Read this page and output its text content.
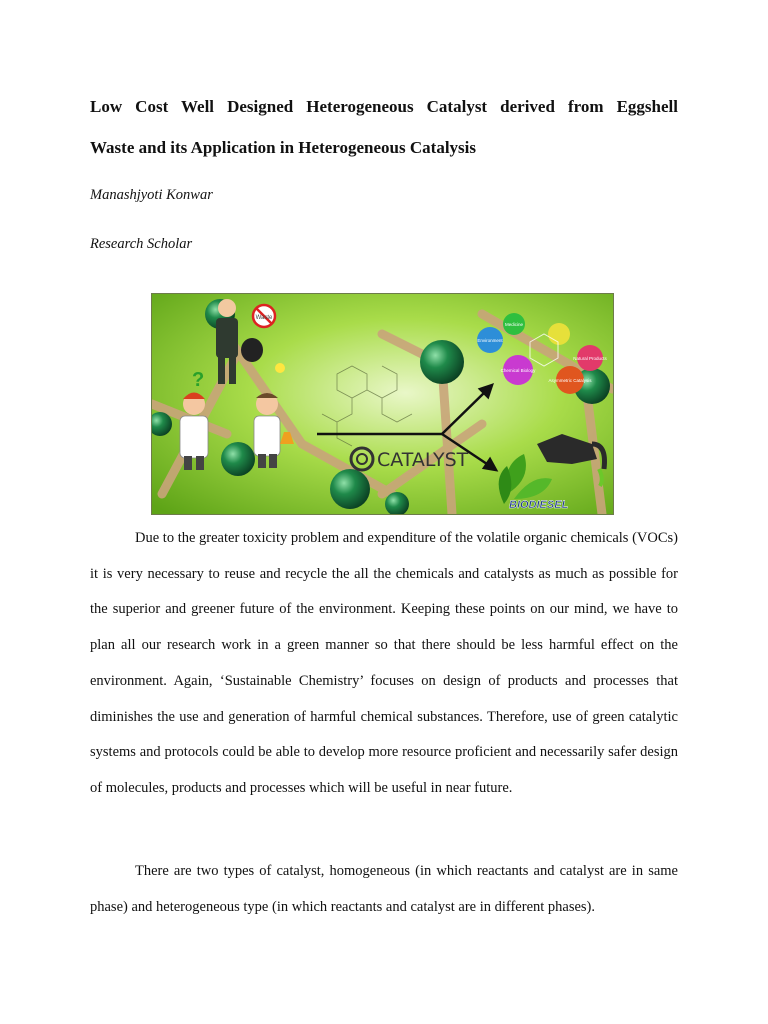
Low Cost Well Designed Heterogeneous Catalyst derived from Eggshell
Waste and its Application in Heterogeneous Catalysis

Manashjyoti Konwar

Research Scholar

Waste
?
CATALYST
Medicine
Environment
Chemical Biology
Natural Products
Asymmetric Catalysis
BIODIESEL

Due to the greater toxicity problem and expenditure of the volatile organic chemicals (VOCs) it is very necessary to reuse and recycle the all the chemicals and catalysts as much as possible for the superior and greener future of the environment. Keeping these points on our mind, we have to plan all our research work in a green manner so that there should be less harmful effect on the environment. Again, ‘Sustainable Chemistry’ focuses on design of products and processes that diminishes the use and generation of harmful chemical substances. Therefore, use of green catalytic systems and protocols could be able to develop more resource proficient and necessarily safer design of molecules, products and processes which will be useful in near future.

There are two types of catalyst, homogeneous (in which reactants and catalyst are in same phase) and heterogeneous type (in which reactants and catalyst are in different phases).
